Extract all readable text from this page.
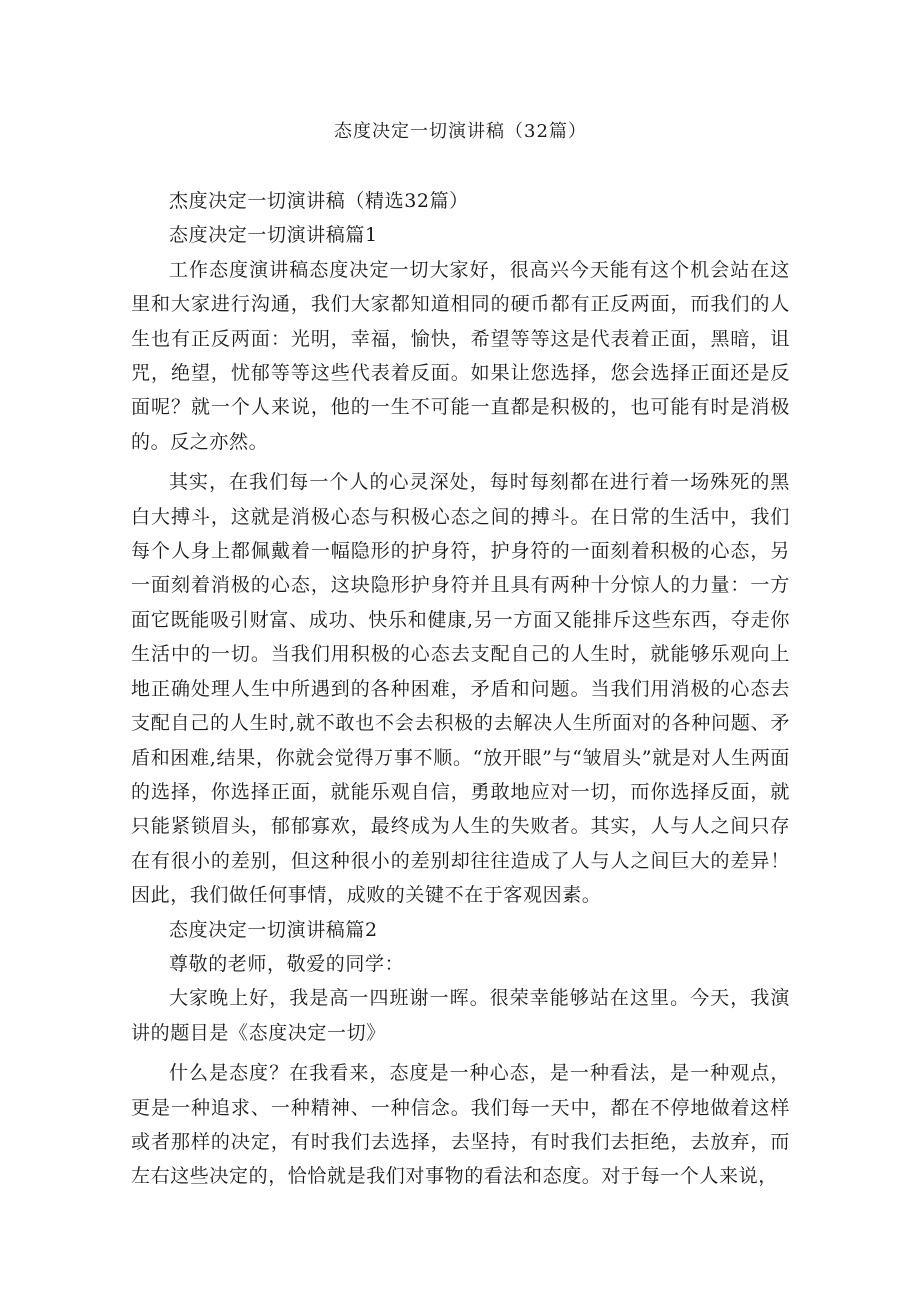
态度决定一切演讲稿（32篇）

杰度决定一切演讲稿（精选32篇）

态度决定一切演讲稿篇1

工作态度演讲稿态度决定一切大家好，很高兴今天能有这个机会站在这里和大家进行沟通，我们大家都知道相同的硬币都有正反两面，而我们的人生也有正反两面：光明，幸福，愉快，希望等等这是代表着正面，黑暗，诅咒，绝望，忧郁等等这些代表着反面。如果让您选择，您会选择正面还是反面呢？就一个人来说，他的一生不可能一直都是积极的，也可能有时是消极的。反之亦然。

其实，在我们每一个人的心灵深处，每时每刻都在进行着一场殊死的黑白大搏斗，这就是消极心态与积极心态之间的搏斗。在日常的生活中，我们每个人身上都佩戴着一幅隐形的护身符，护身符的一面刻着积极的心态，另一面刻着消极的心态，这块隐形护身符并且具有两种十分惊人的力量：一方面它既能吸引财富、成功、快乐和健康,另一方面又能排斥这些东西，夺走你生活中的一切。当我们用积极的心态去支配自己的人生时，就能够乐观向上地正确处理人生中所遇到的各种困难，矛盾和问题。当我们用消极的心态去支配自己的人生时,就不敢也不会去积极的去解决人生所面对的各种问题、矛盾和困难,结果，你就会觉得万事不顺。“放开眼”与“皱眉头”就是对人生两面的选择，你选择正面，就能乐观自信，勇敢地应对一切，而你选择反面，就只能紧锁眉头，郁郁寡欢，最终成为人生的失败者。其实，人与人之间只存在有很小的差别，但这种很小的差别却往往造成了人与人之间巨大的差异！因此，我们做任何事情，成败的关键不在于客观因素。

态度决定一切演讲稿篇2

尊敬的老师，敬爱的同学：

大家晚上好，我是高一四班谢一晖。很荣幸能够站在这里。今天，我演讲的题目是《态度决定一切》

什么是态度？在我看来，态度是一种心态，是一种看法，是一种观点，更是一种追求、一种精神、一种信念。我们每一天中，都在不停地做着这样或者那样的决定，有时我们去选择，去坚持，有时我们去拒绝，去放弃，而左右这些决定的，恰恰就是我们对事物的看法和态度。对于每一个人来说，
